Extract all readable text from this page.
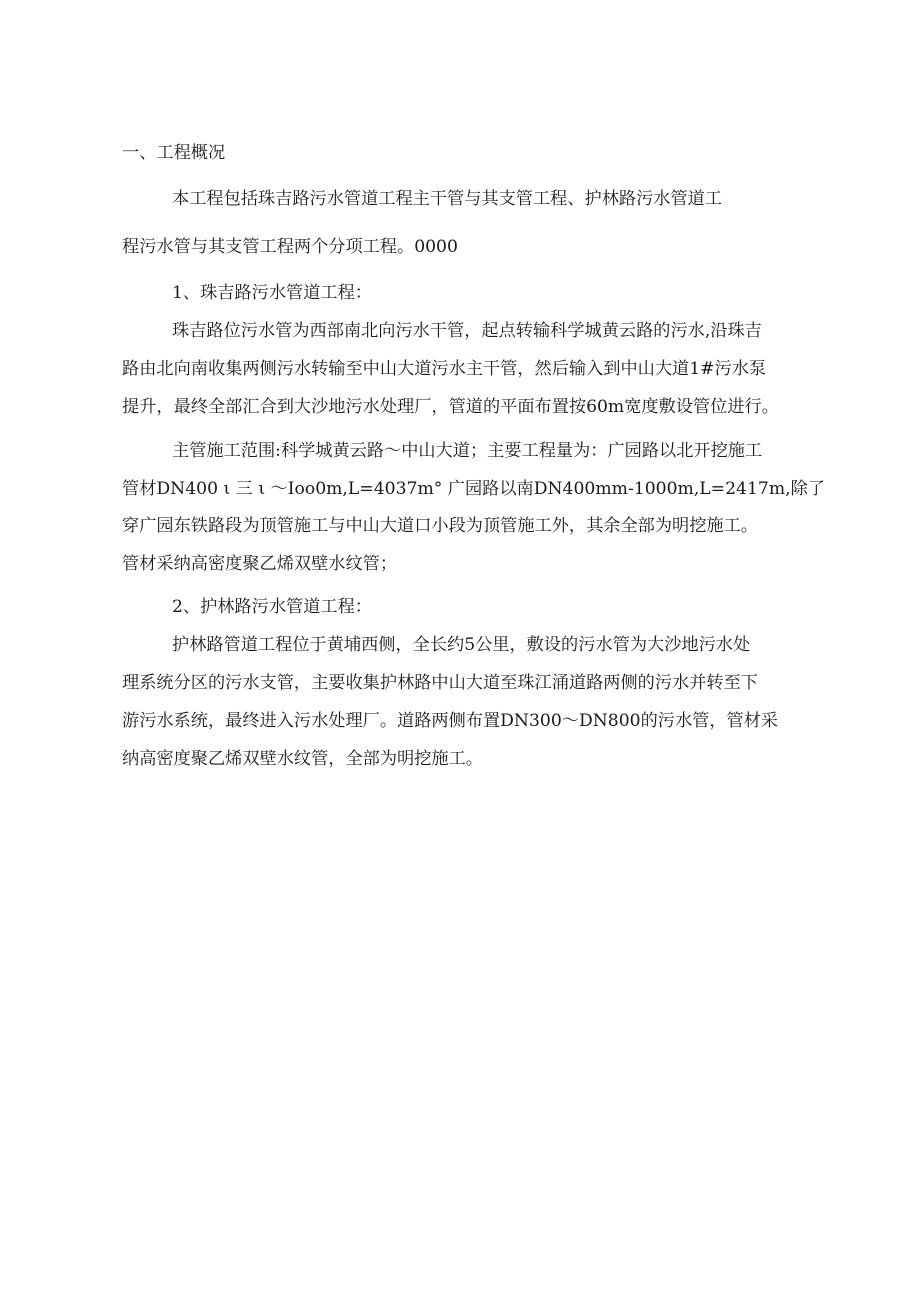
一、工程概况

本工程包括珠吉路污水管道工程主干管与其支管工程、护林路污水管道工

程污水管与其支管工程两个分项工程。0000

1、珠吉路污水管道工程：

珠吉路位污水管为西部南北向污水干管，起点转输科学城黄云路的污水,沿珠吉

路由北向南收集两侧污水转输至中山大道污水主干管，然后输入到中山大道1#污水泵

提升，最终全部汇合到大沙地污水处理厂，管道的平面布置按60m宽度敷设管位进行。

主管施工范围:科学城黄云路～中山大道；主要工程量为：广园路以北开挖施工

管材DN400 ι 三 ι ～Ioo0m,L=4037m° 广园路以南DN400mm-1000m,L=2417m,除了

穿广园东铁路段为顶管施工与中山大道口小段为顶管施工外，其余全部为明挖施工。

管材采纳高密度聚乙烯双壁水纹管；

2、护林路污水管道工程：

护林路管道工程位于黄埔西侧，全长约5公里，敷设的污水管为大沙地污水处

理系统分区的污水支管，主要收集护林路中山大道至珠江涌道路两侧的污水并转至下

游污水系统，最终进入污水处理厂。道路两侧布置DN300～DN800的污水管，管材采

纳高密度聚乙烯双壁水纹管，全部为明挖施工。
